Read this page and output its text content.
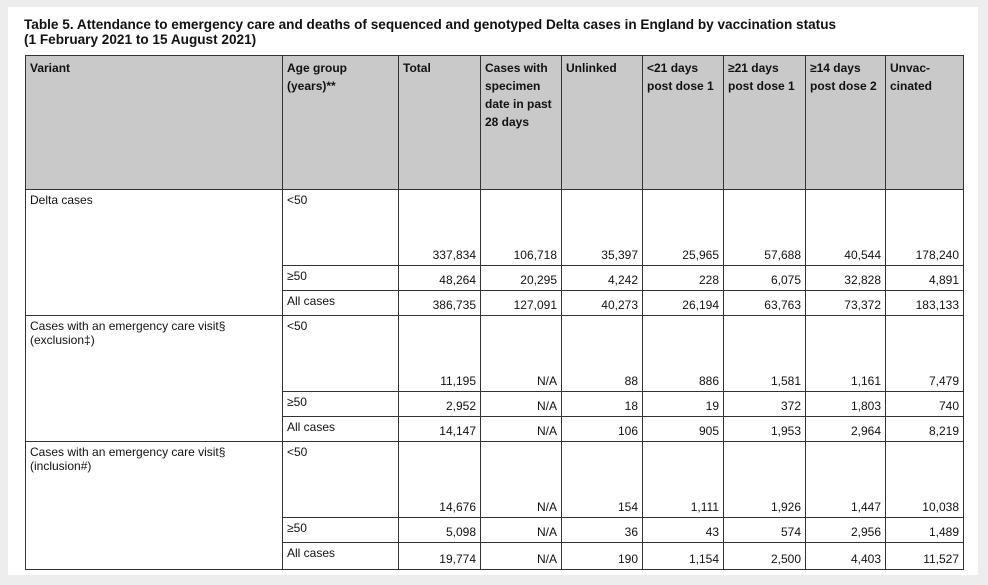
Table 5. Attendance to emergency care and deaths of sequenced and genotyped Delta cases in England by vaccination status
(1 February 2021 to 15 August 2021)
Variant	Age group (years)**	Total	Cases with specimen date in past 28 days	Unlinked	<21 days post dose 1	≥21 days post dose 1	≥14 days post dose 2	Unvac-cinated
Delta cases	<50	337,834	106,718	35,397	25,965	57,688	40,544	178,240
	≥50	48,264	20,295	4,242	228	6,075	32,828	4,891
	All cases	386,735	127,091	40,273	26,194	63,763	73,372	183,133
Cases with an emergency care visit§ (exclusion‡)	<50	11,195	N/A	88	886	1,581	1,161	7,479
	≥50	2,952	N/A	18	19	372	1,803	740
	All cases	14,147	N/A	106	905	1,953	2,964	8,219
Cases with an emergency care visit§ (inclusion#)	<50	14,676	N/A	154	1,111	1,926	1,447	10,038
	≥50	5,098	N/A	36	43	574	2,956	1,489
	All cases	19,774	N/A	190	1,154	2,500	4,403	11,527
